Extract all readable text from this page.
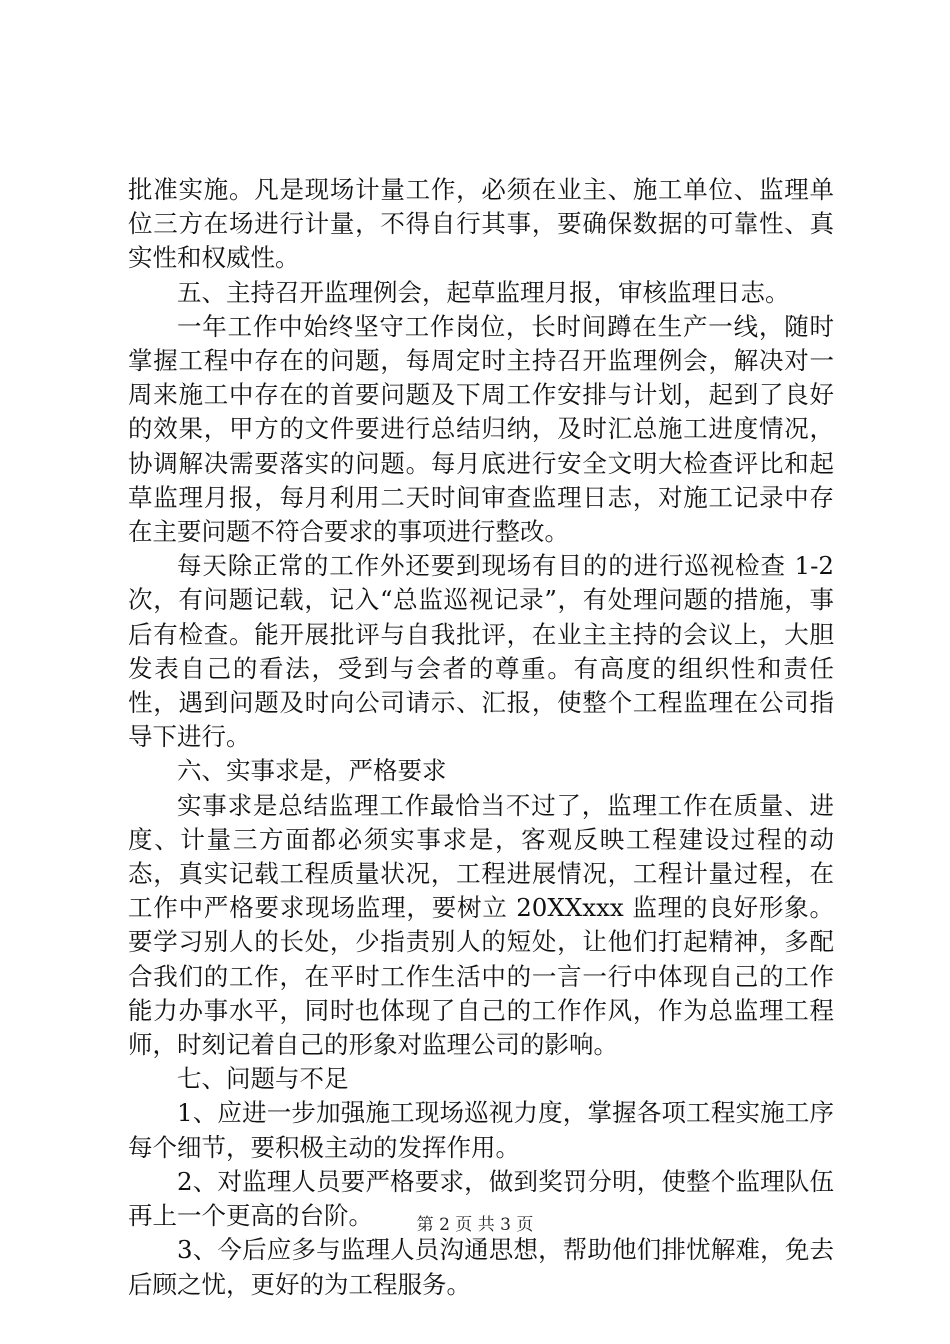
批准实施。凡是现场计量工作，必须在业主、施工单位、监理单位三方在场进行计量，不得自行其事，要确保数据的可靠性、真实性和权威性。

五、主持召开监理例会，起草监理月报，审核监理日志。

一年工作中始终坚守工作岗位，长时间蹲在生产一线，随时掌握工程中存在的问题，每周定时主持召开监理例会，解决对一周来施工中存在的首要问题及下周工作安排与计划，起到了良好的效果，甲方的文件要进行总结归纳，及时汇总施工进度情况，协调解决需要落实的问题。每月底进行安全文明大检查评比和起草监理月报，每月利用二天时间审查监理日志，对施工记录中存在主要问题不符合要求的事项进行整改。

每天除正常的工作外还要到现场有目的的进行巡视检查 1-2 次，有问题记载，记入“总监巡视记录”，有处理问题的措施，事后有检查。能开展批评与自我批评，在业主主持的会议上，大胆发表自己的看法，受到与会者的尊重。有高度的组织性和责任性，遇到问题及时向公司请示、汇报，使整个工程监理在公司指导下进行。

六、实事求是，严格要求

实事求是总结监理工作最恰当不过了，监理工作在质量、进度、计量三方面都必须实事求是，客观反映工程建设过程的动态，真实记载工程质量状况，工程进展情况，工程计量过程，在工作中严格要求现场监理，要树立 20XXxxx 监理的良好形象。要学习别人的长处，少指责别人的短处，让他们打起精神，多配合我们的工作，在平时工作生活中的一言一行中体现自己的工作能力办事水平，同时也体现了自己的工作作风，作为总监理工程师，时刻记着自己的形象对监理公司的影响。

七、问题与不足

1、应进一步加强施工现场巡视力度，掌握各项工程实施工序每个细节，要积极主动的发挥作用。

2、对监理人员要严格要求，做到奖罚分明，使整个监理队伍再上一个更高的台阶。

3、今后应多与监理人员沟通思想，帮助他们排忧解难，免去后顾之忧，更好的为工程服务。

第 2 页 共 3 页
